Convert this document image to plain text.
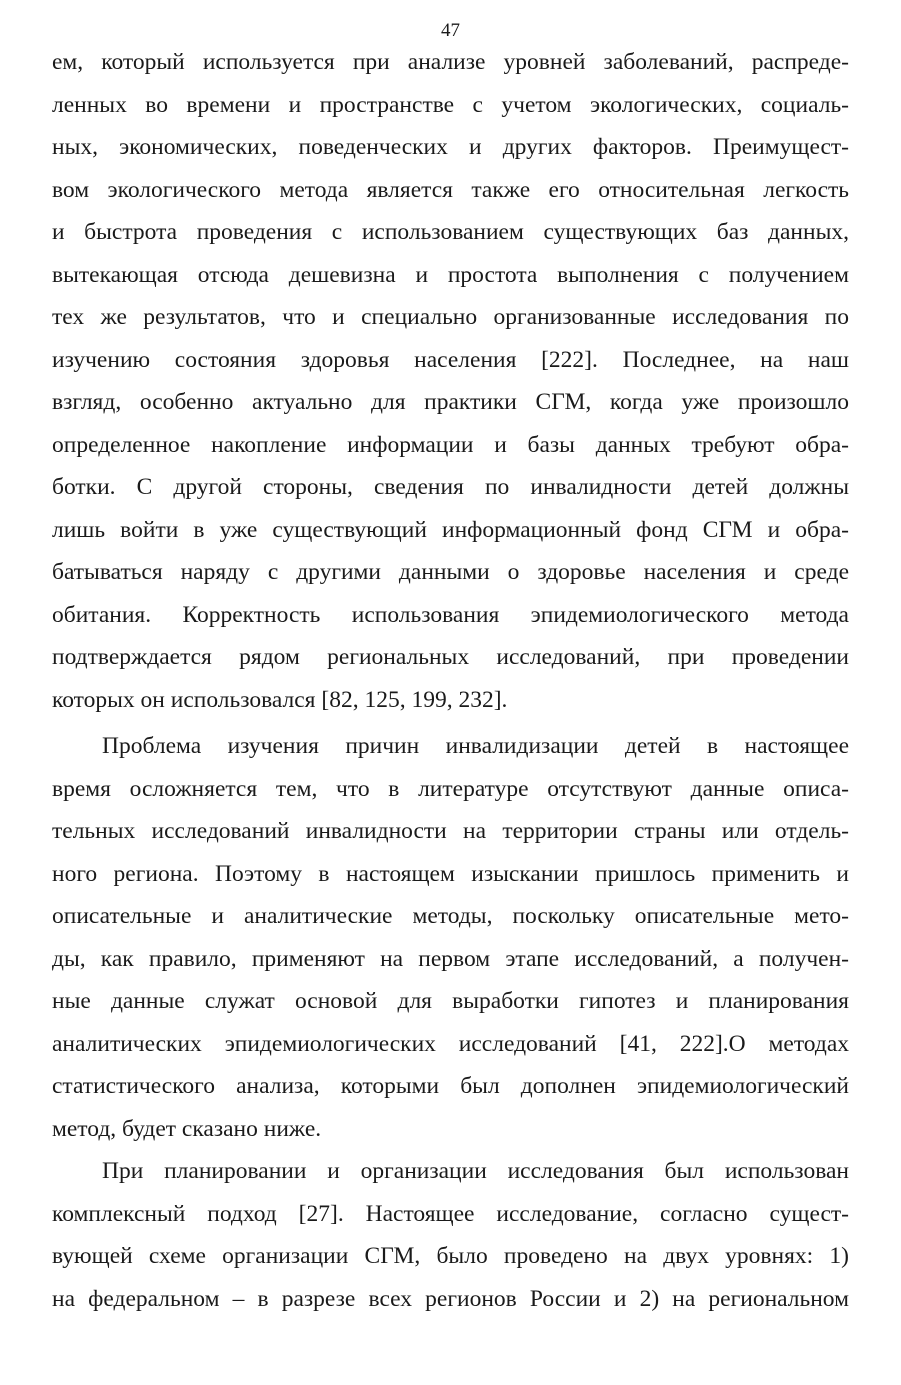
47
ем, который используется при анализе уровней заболеваний, распреде-
ленных во времени и пространстве с учетом экологических, социаль-
ных, экономических, поведенческих и других факторов. Преимущест-
вом экологического метода является также его относительная легкость
и быстрота проведения с использованием существующих баз данных,
вытекающая отсюда дешевизна и простота выполнения с получением
тех же результатов, что и специально организованные исследования по
изучению состояния здоровья населения [222]. Последнее, на наш
взгляд, особенно актуально для практики СГМ, когда уже произошло
определенное накопление информации и базы данных требуют обра-
ботки. С другой стороны, сведения по инвалидности детей должны
лишь войти в уже существующий информационный фонд СГМ и обра-
батываться наряду с другими данными о здоровье населения и среде
обитания. Корректность использования эпидемиологического метода
подтверждается рядом региональных исследований, при проведении
которых он использовался [82, 125, 199, 232].
Проблема изучения причин инвалидизации детей в настоящее
время осложняется тем, что в литературе отсутствуют данные описа-
тельных исследований инвалидности на территории страны или отдель-
ного региона. Поэтому в настоящем изыскании пришлось применить и
описательные и аналитические методы, поскольку описательные мето-
ды, как правило, применяют на первом этапе исследований, а получен-
ные данные служат основой для выработки гипотез и планирования
аналитических эпидемиологических исследований [41, 222].О методах
статистического анализа, которыми был дополнен эпидемиологический
метод, будет сказано ниже.
При планировании и организации исследования был использован
комплексный подход [27]. Настоящее исследование, согласно сущест-
вующей схеме организации СГМ, было проведено на двух уровнях: 1)
на федеральном – в разрезе всех регионов России и 2) на региональном
